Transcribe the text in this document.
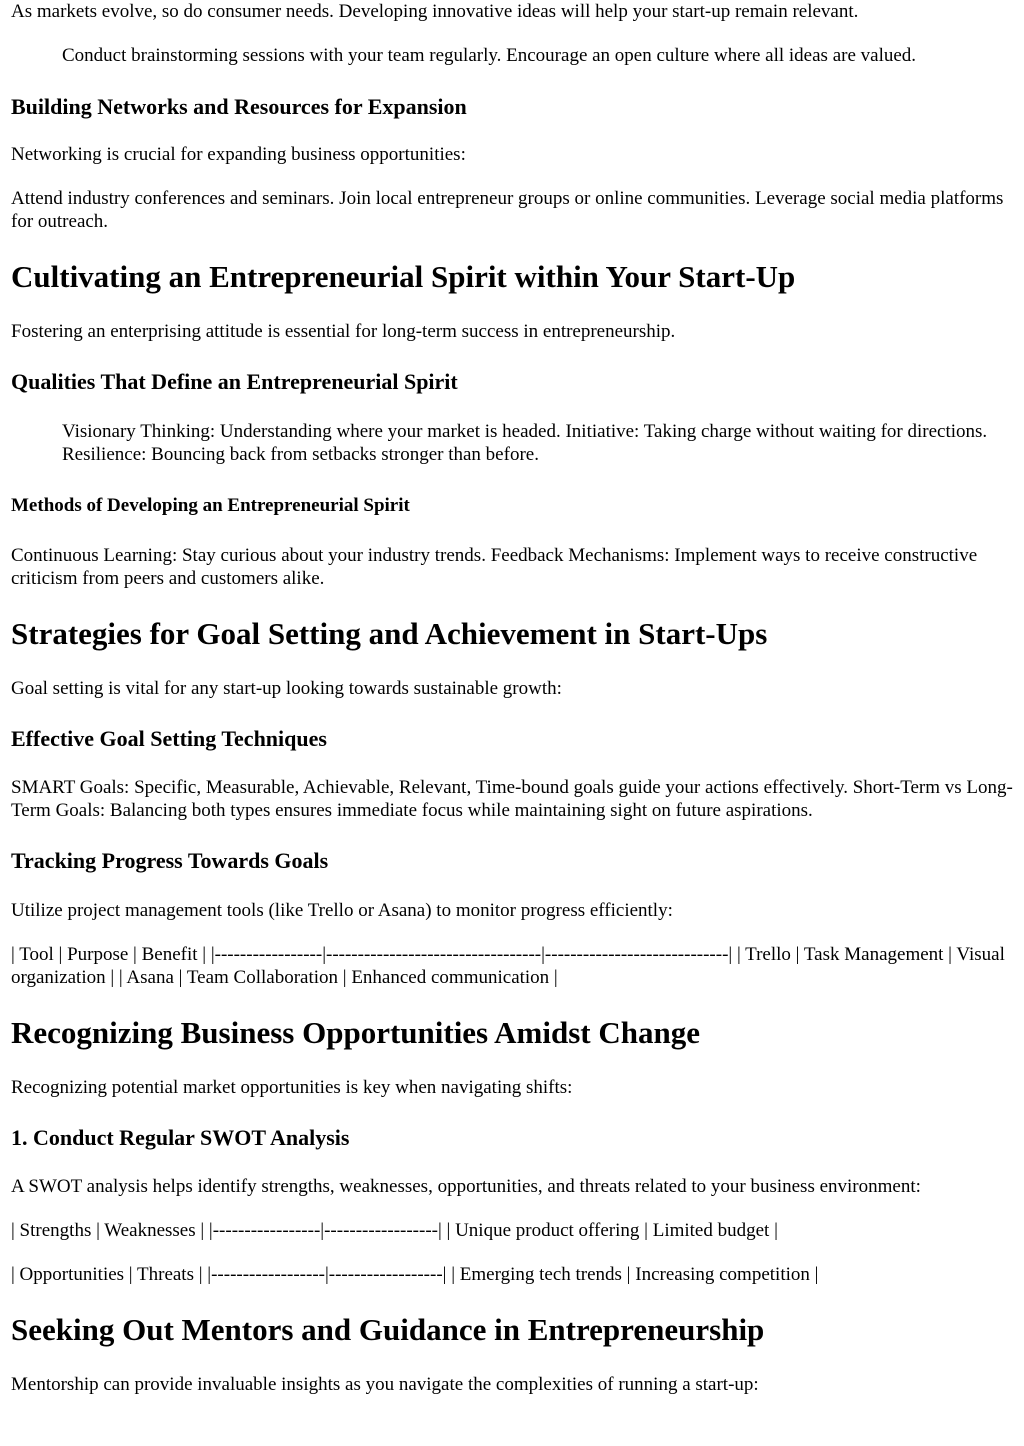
As markets evolve, so do consumer needs. Developing innovative ideas will help your start-up remain relevant.

Conduct brainstorming sessions with your team regularly. Encourage an open culture where all ideas are valued.

Building Networks and Resources for Expansion

Networking is crucial for expanding business opportunities:

Attend industry conferences and seminars. Join local entrepreneur groups or online communities. Leverage social media platforms for outreach.

Cultivating an Entrepreneurial Spirit within Your Start-Up

Fostering an enterprising attitude is essential for long-term success in entrepreneurship.

Qualities That Define an Entrepreneurial Spirit

Visionary Thinking: Understanding where your market is headed. Initiative: Taking charge without waiting for directions. Resilience: Bouncing back from setbacks stronger than before.

Methods of Developing an Entrepreneurial Spirit

Continuous Learning: Stay curious about your industry trends. Feedback Mechanisms: Implement ways to receive constructive criticism from peers and customers alike.

Strategies for Goal Setting and Achievement in Start-Ups

Goal setting is vital for any start-up looking towards sustainable growth:

Effective Goal Setting Techniques

SMART Goals: Specific, Measurable, Achievable, Relevant, Time-bound goals guide your actions effectively. Short-Term vs Long-Term Goals: Balancing both types ensures immediate focus while maintaining sight on future aspirations.

Tracking Progress Towards Goals

Utilize project management tools (like Trello or Asana) to monitor progress efficiently:

| Tool | Purpose | Benefit | |-----------------|----------------------------------|-----------------------------| | Trello | Task Management | Visual organization | | Asana | Team Collaboration | Enhanced communication |

Recognizing Business Opportunities Amidst Change

Recognizing potential market opportunities is key when navigating shifts:

1. Conduct Regular SWOT Analysis

A SWOT analysis helps identify strengths, weaknesses, opportunities, and threats related to your business environment:

| Strengths | Weaknesses | |-----------------|------------------| | Unique product offering | Limited budget |

| Opportunities | Threats | |------------------|------------------| | Emerging tech trends | Increasing competition |

Seeking Out Mentors and Guidance in Entrepreneurship

Mentorship can provide invaluable insights as you navigate the complexities of running a start-up:
